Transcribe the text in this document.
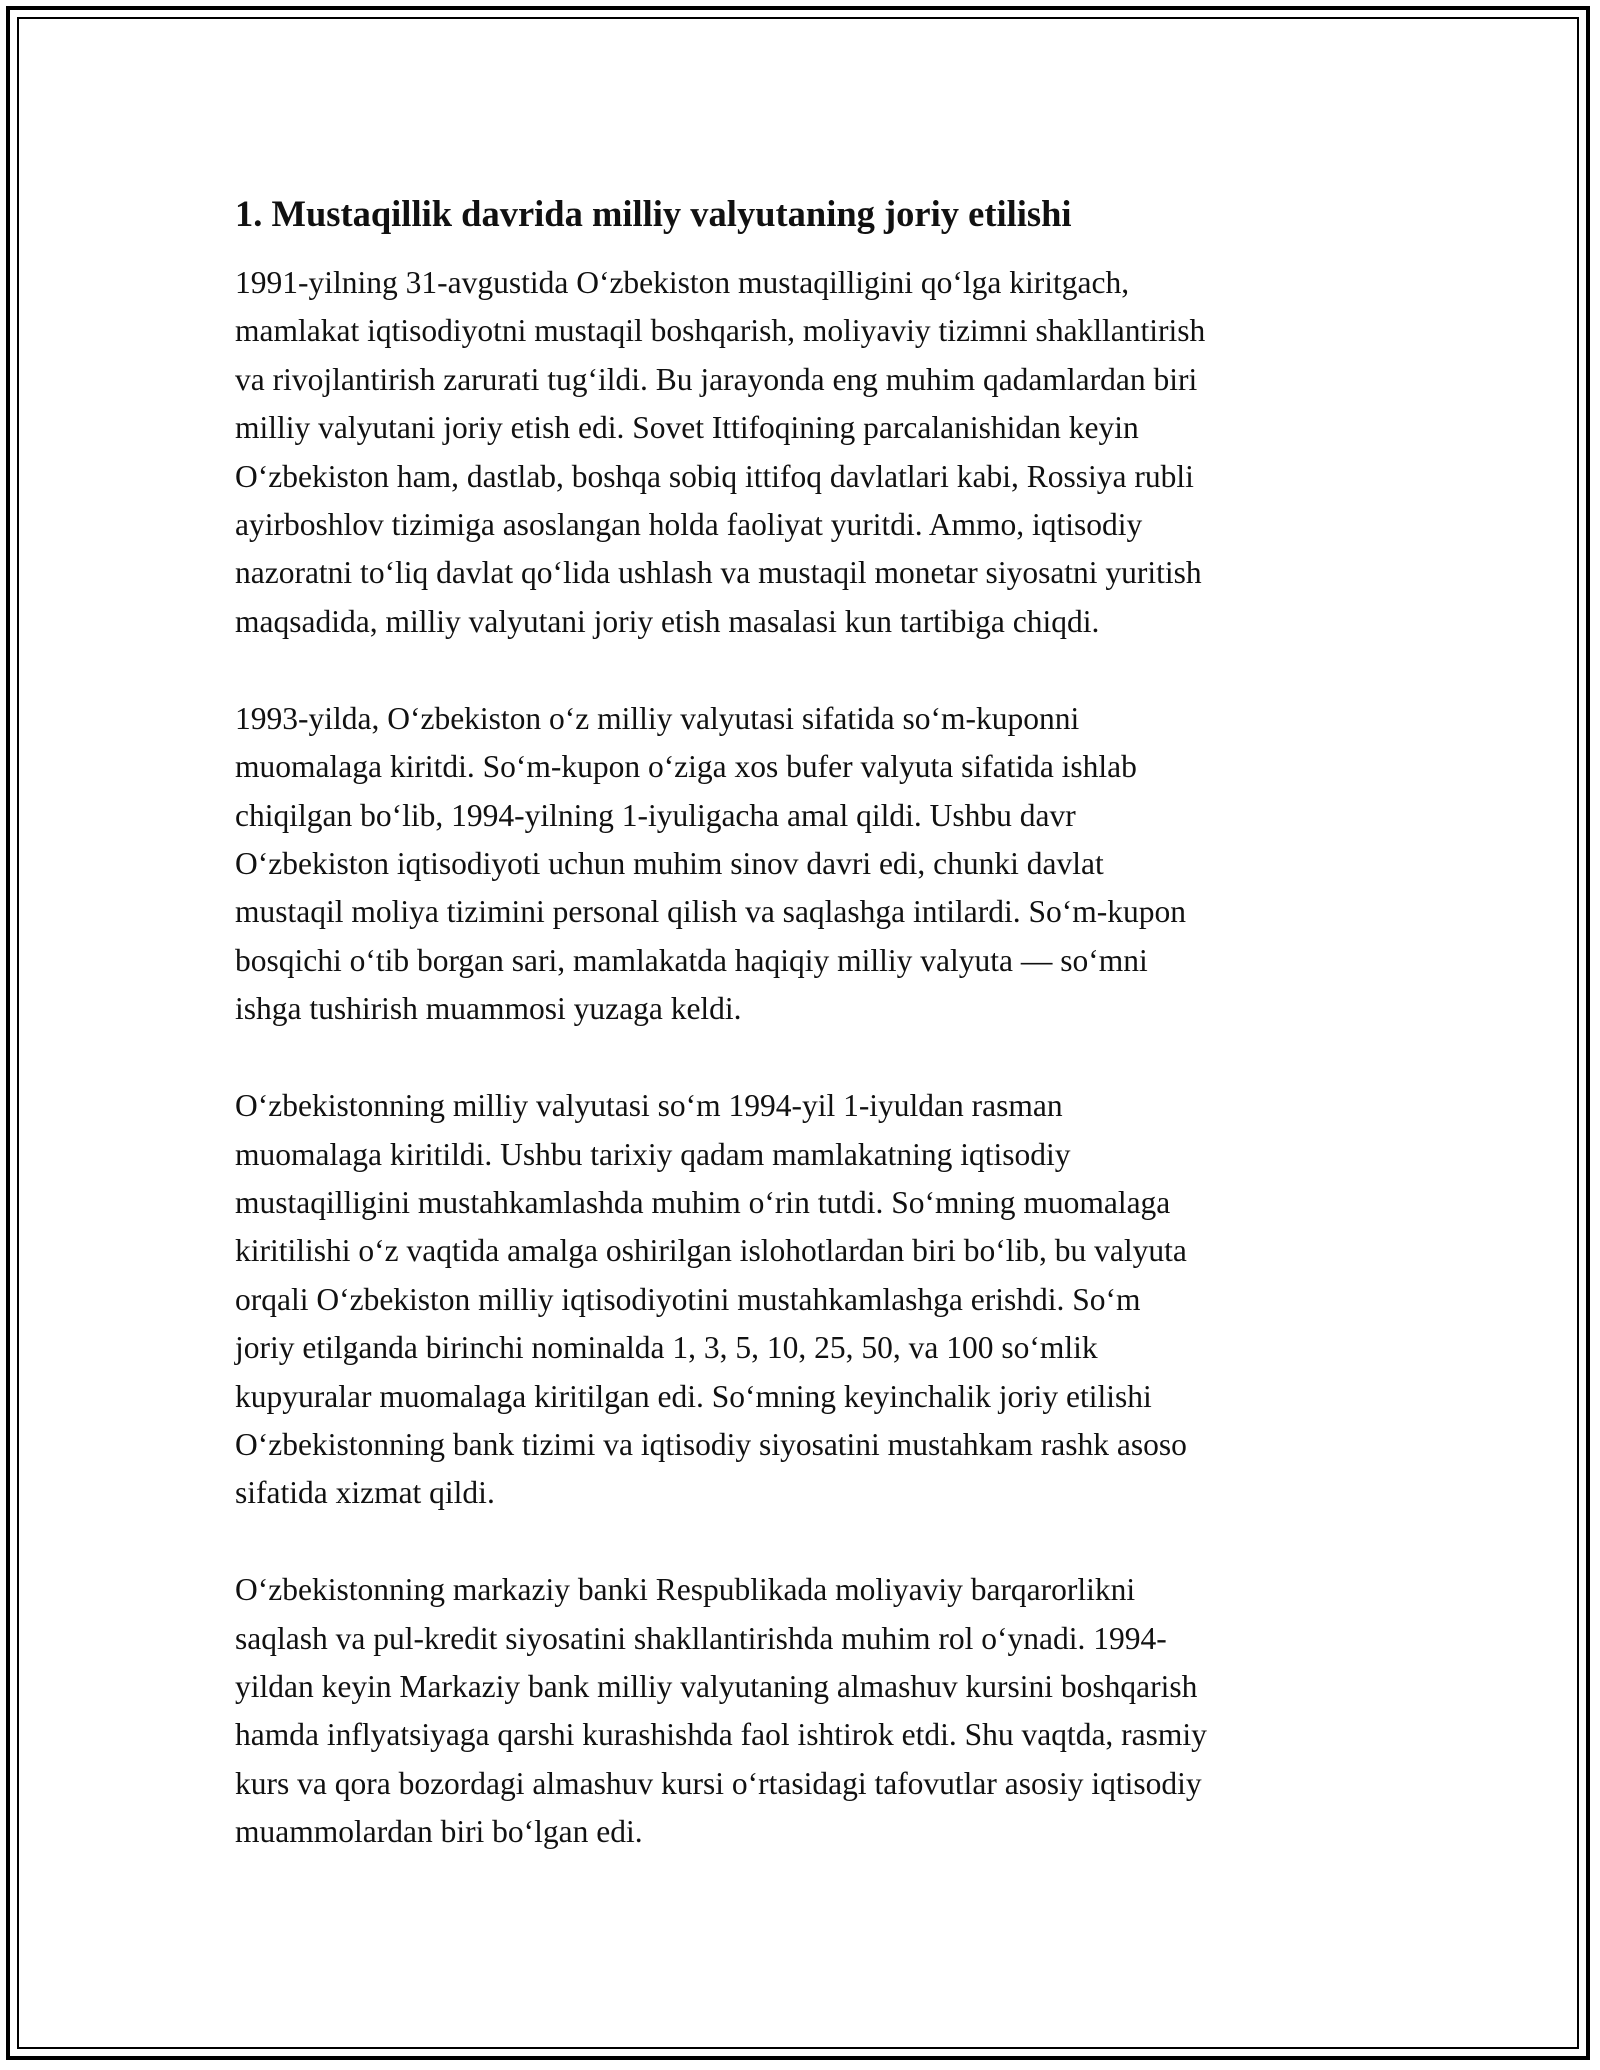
1. Mustaqillik davrida milliy valyutaning joriy etilishi

1991-yilning 31-avgustida O‘zbekiston mustaqilligini qo‘lga kiritgach,
mamlakat iqtisodiyotni mustaqil boshqarish, moliyaviy tizimni shakllantirish
va rivojlantirish zarurati tug‘ildi. Bu jarayonda eng muhim qadamlardan biri
milliy valyutani joriy etish edi. Sovet Ittifoqining parcalanishidan keyin
O‘zbekiston ham, dastlab, boshqa sobiq ittifoq davlatlari kabi, Rossiya rubli
ayirboshlov tizimiga asoslangan holda faoliyat yuritdi. Ammo, iqtisodiy
nazoratni to‘liq davlat qo‘lida ushlash va mustaqil monetar siyosatni yuritish
maqsadida, milliy valyutani joriy etish masalasi kun tartibiga chiqdi.

1993-yilda, O‘zbekiston o‘z milliy valyutasi sifatida so‘m-kuponni
muomalaga kiritdi. So‘m-kupon o‘ziga xos bufer valyuta sifatida ishlab
chiqilgan bo‘lib, 1994-yilning 1-iyuligacha amal qildi. Ushbu davr
O‘zbekiston iqtisodiyoti uchun muhim sinov davri edi, chunki davlat
mustaqil moliya tizimini personal qilish va saqlashga intilardi. So‘m-kupon
bosqichi o‘tib borgan sari, mamlakatda haqiqiy milliy valyuta — so‘mni
ishga tushirish muammosi yuzaga keldi.

O‘zbekistonning milliy valyutasi so‘m 1994-yil 1-iyuldan rasman
muomalaga kiritildi. Ushbu tarixiy qadam mamlakatning iqtisodiy
mustaqilligini mustahkamlashda muhim o‘rin tutdi. So‘mning muomalaga
kiritilishi o‘z vaqtida amalga oshirilgan islohotlardan biri bo‘lib, bu valyuta
orqali O‘zbekiston milliy iqtisodiyotini mustahkamlashga erishdi. So‘m
joriy etilganda birinchi nominalda 1, 3, 5, 10, 25, 50, va 100 so‘mlik
kupyuralar muomalaga kiritilgan edi. So‘mning keyinchalik joriy etilishi
O‘zbekistonning bank tizimi va iqtisodiy siyosatini mustahkam rashk asoso
sifatida xizmat qildi.

O‘zbekistonning markaziy banki Respublikada moliyaviy barqarorlikni
saqlash va pul-kredit siyosatini shakllantirishda muhim rol o‘ynadi. 1994-
yildan keyin Markaziy bank milliy valyutaning almashuv kursini boshqarish
hamda inflyatsiyaga qarshi kurashishda faol ishtirok etdi. Shu vaqtda, rasmiy
kurs va qora bozordagi almashuv kursi o‘rtasidagi tafovutlar asosiy iqtisodiy
muammolardan biri bo‘lgan edi.
